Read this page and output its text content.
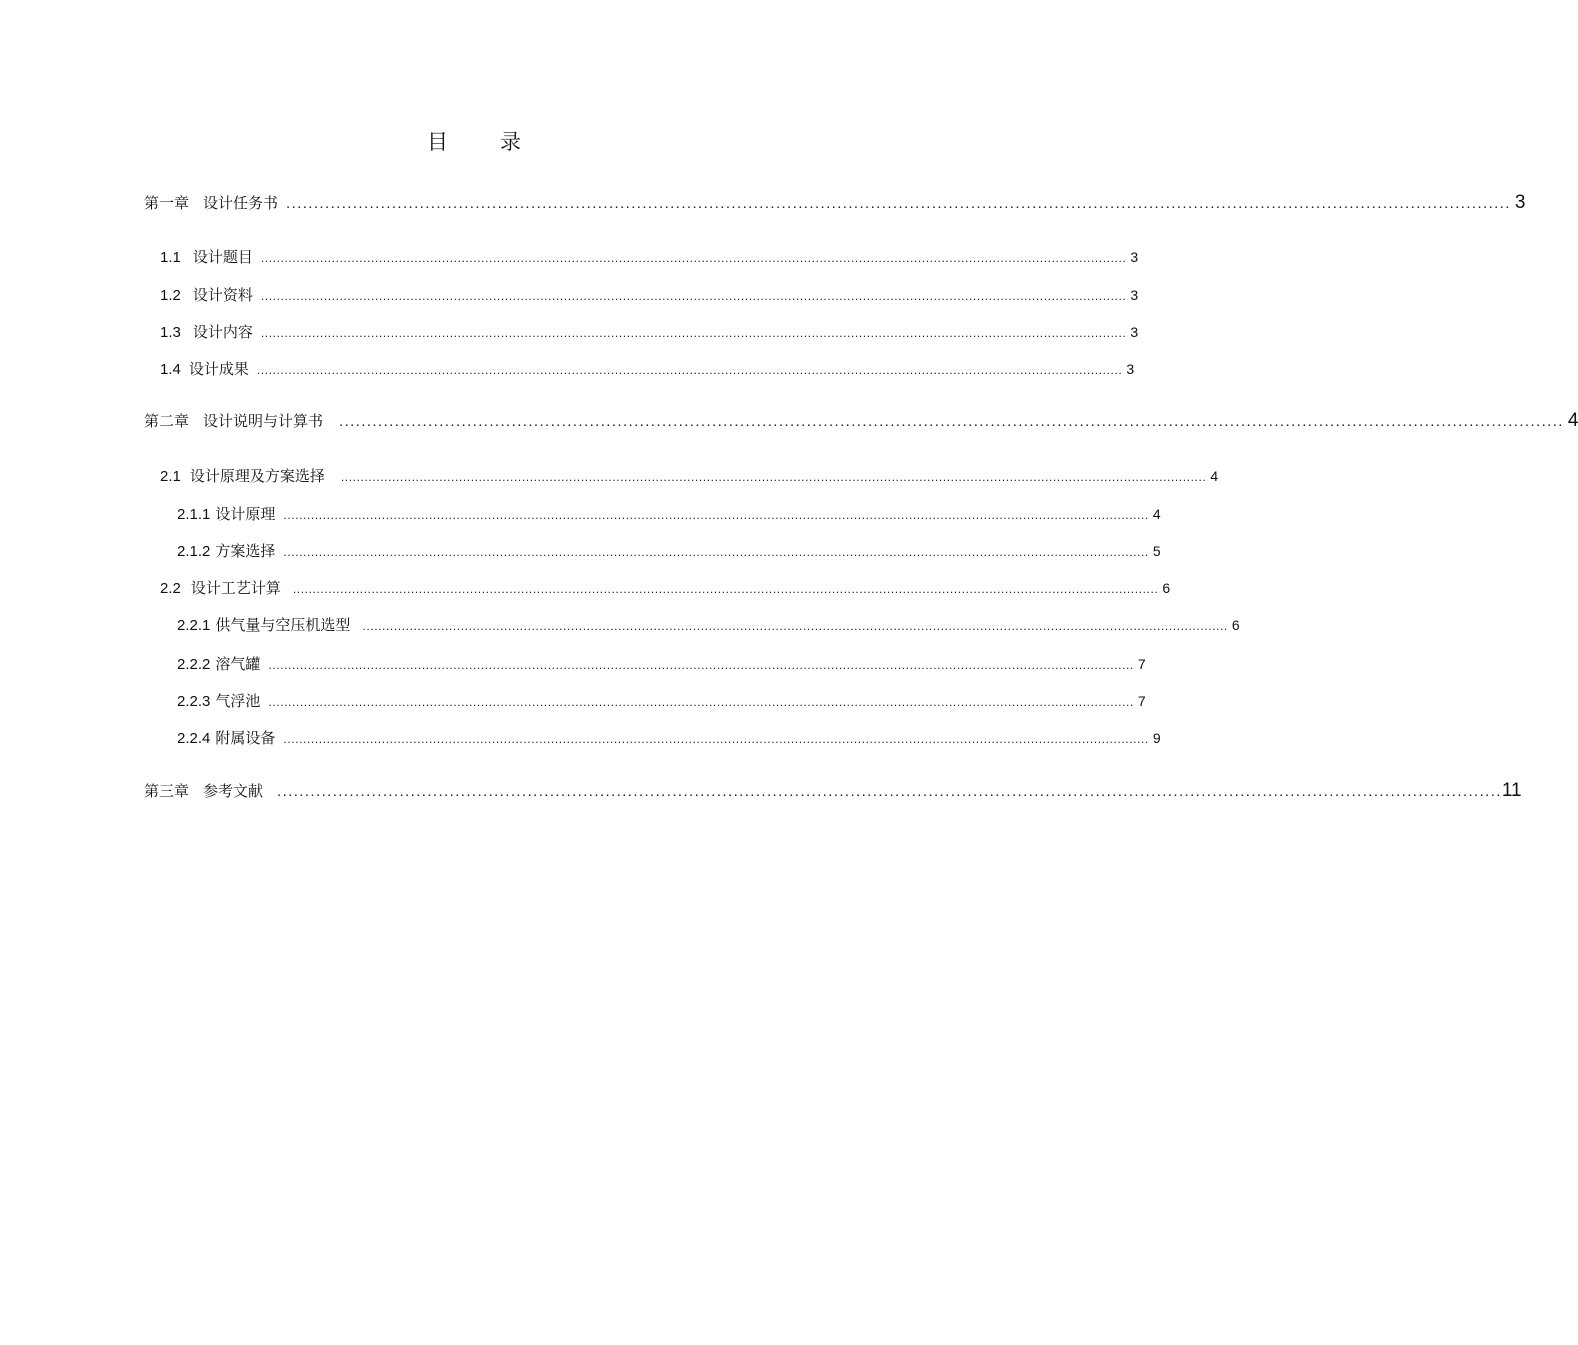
目 录
第一章 设计任务书 ............................................................................................................................................................................................................................ 3
1.1 设计题目 ............................................................................................................................................................................................................................ 3
1.2 设计资料 ............................................................................................................................................................................................................................ 3
1.3 设计内容 ............................................................................................................................................................................................................................ 3
1.4 设计成果 ............................................................................................................................................................................................................................ 3
第二章 设计说明与计算书 ............................................................................................................................................................................................................................ 4
2.1 设计原理及方案选择 ............................................................................................................................................................................................................................ 4
2.1.1 设计原理 ............................................................................................................................................................................................................................ 4
2.1.2 方案选择 ............................................................................................................................................................................................................................ 5
2.2 设计工艺计算 ............................................................................................................................................................................................................................ 6
2.2.1 供气量与空压机选型 ............................................................................................................................................................................................................................ 6
2.2.2 溶气罐 ............................................................................................................................................................................................................................ 7
2.2.3 气浮池 ............................................................................................................................................................................................................................ 7
2.2.4 附属设备 ............................................................................................................................................................................................................................ 9
第三章 参考文献 ............................................................................................................................................................................................................................ 11
